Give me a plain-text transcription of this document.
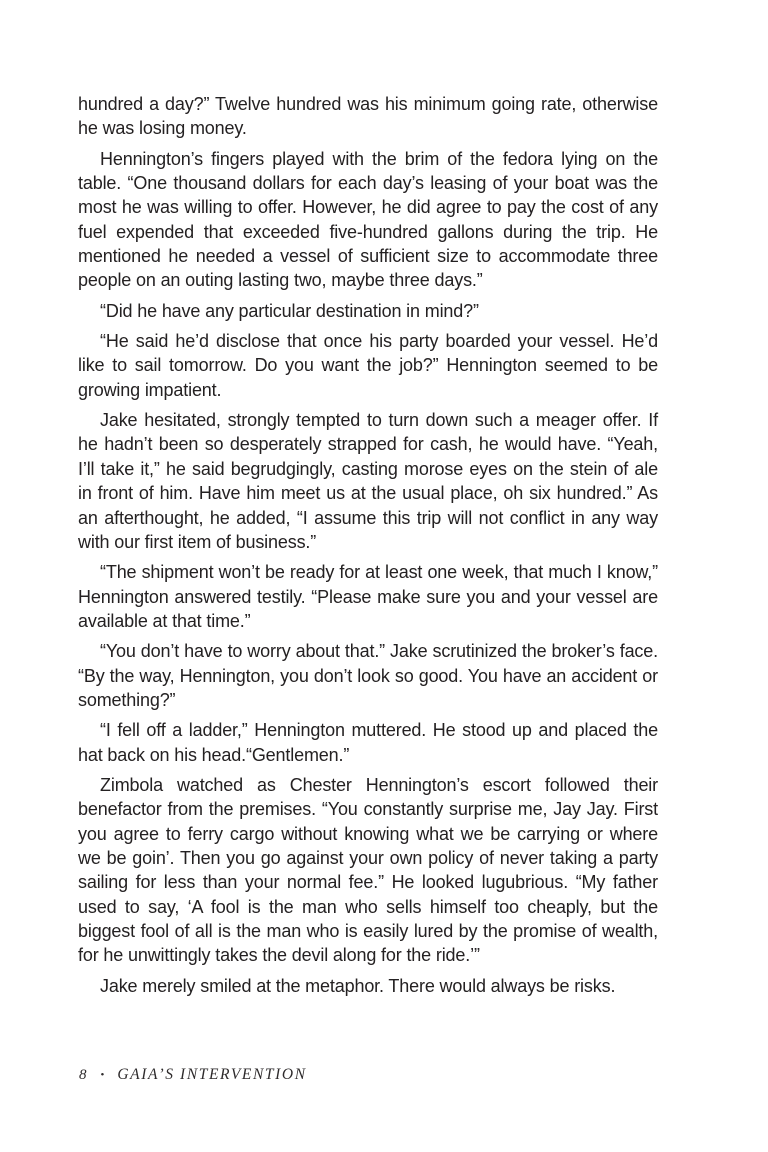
hundred a day?” Twelve hundred was his minimum going rate, otherwise he was losing money.

Hennington’s fingers played with the brim of the fedora lying on the table. “One thousand dollars for each day’s leasing of your boat was the most he was willing to offer. However, he did agree to pay the cost of any fuel expended that exceeded five-hundred gallons during the trip. He mentioned he needed a vessel of sufficient size to accommodate three people on an outing lasting two, maybe three days.”

“Did he have any particular destination in mind?”

“He said he’d disclose that once his party boarded your vessel. He’d like to sail tomorrow. Do you want the job?” Hennington seemed to be growing impatient.

Jake hesitated, strongly tempted to turn down such a meager offer. If he hadn’t been so desperately strapped for cash, he would have. “Yeah, I’ll take it,” he said begrudgingly, casting morose eyes on the stein of ale in front of him. Have him meet us at the usual place, oh six hundred.” As an afterthought, he added, “I assume this trip will not conflict in any way with our first item of business.”

“The shipment won’t be ready for at least one week, that much I know,” Hennington answered testily. “Please make sure you and your vessel are available at that time.”

“You don’t have to worry about that.” Jake scrutinized the broker’s face. “By the way, Hennington, you don’t look so good. You have an accident or something?”

“I fell off a ladder,” Hennington muttered. He stood up and placed the hat back on his head.“Gentlemen.”

Zimbola watched as Chester Hennington’s escort followed their benefactor from the premises. “You constantly surprise me, Jay Jay. First you agree to ferry cargo without knowing what we be carrying or where we be goin’. Then you go against your own policy of never taking a party sailing for less than your normal fee.” He looked lugubrious. “My father used to say, ‘A fool is the man who sells himself too cheaply, but the biggest fool of all is the man who is easily lured by the promise of wealth, for he unwittingly takes the devil along for the ride.’”

Jake merely smiled at the metaphor. There would always be risks.

8 • GAIA’S INTERVENTION
